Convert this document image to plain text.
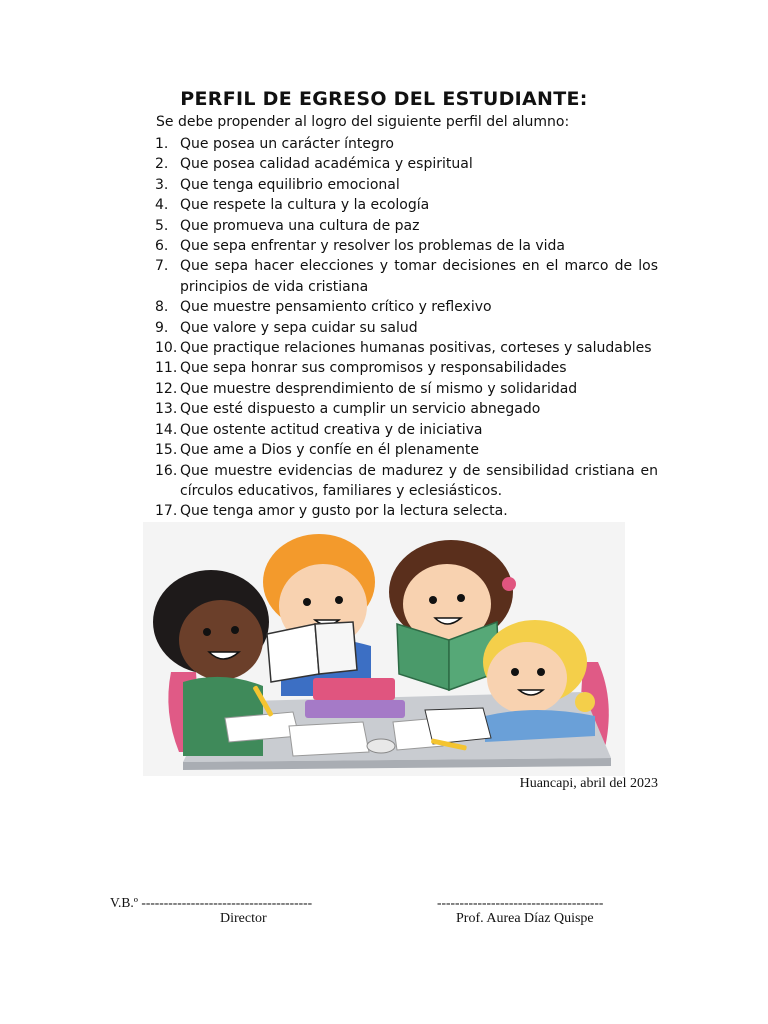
PERFIL DE EGRESO DEL ESTUDIANTE:
Se debe propender al logro del siguiente perfil del alumno:
1. Que posea un carácter íntegro
2. Que posea calidad académica y espiritual
3. Que tenga equilibrio emocional
4. Que respete la cultura y la ecología
5. Que promueva una cultura de paz
6. Que sepa enfrentar y resolver los problemas de la vida
7. Que sepa hacer elecciones y tomar decisiones en el marco de los principios de vida cristiana
8. Que muestre pensamiento crítico y reflexivo
9. Que valore y sepa cuidar su salud
10. Que practique relaciones humanas positivas, corteses y saludables
11. Que sepa honrar sus compromisos y responsabilidades
12. Que muestre desprendimiento de sí mismo y solidaridad
13. Que esté dispuesto a cumplir un servicio abnegado
14. Que ostente actitud creativa y de iniciativa
15. Que ame a Dios y confíe en él plenamente
16. Que muestre evidencias de madurez y de sensibilidad cristiana en círculos educativos, familiares y eclesiásticos.
17. Que tenga amor y gusto por la lectura selecta.
Huancapi, abril del 2023
V.B.º --------------------------------------
Director
-------------------------------------
Prof. Aurea Díaz Quispe
